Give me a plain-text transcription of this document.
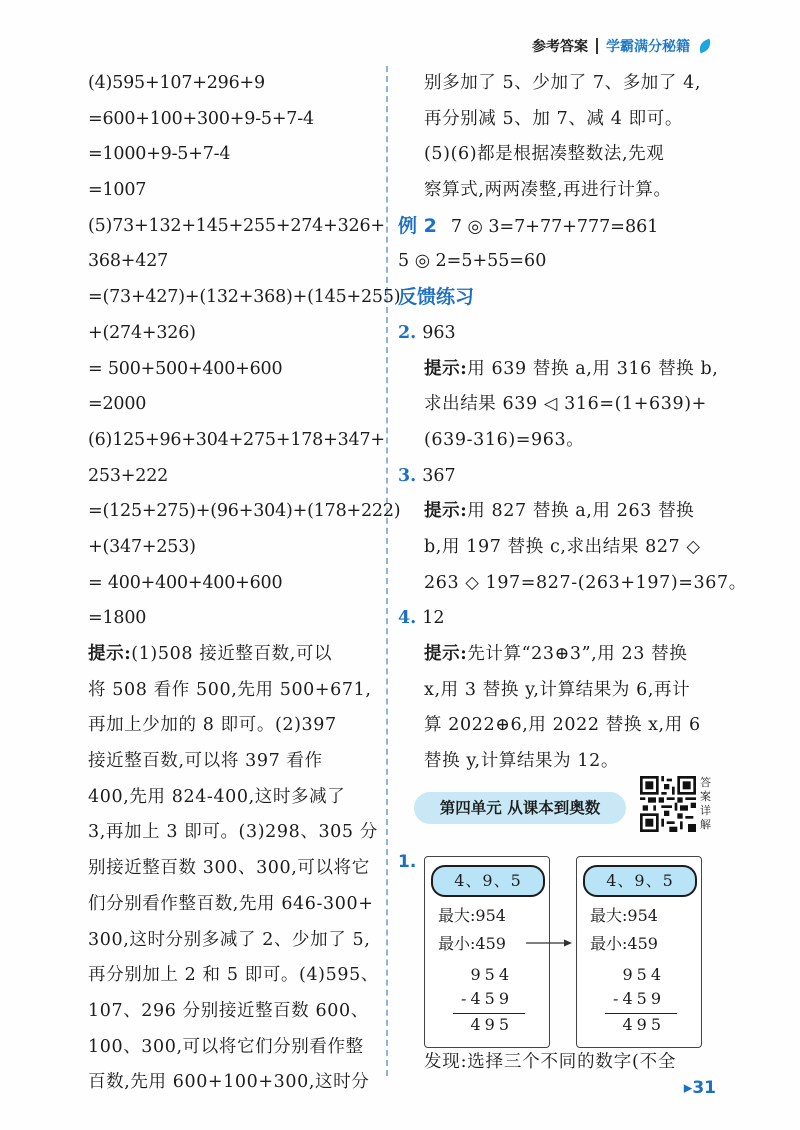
参考答案 学霸满分秘籍
(4)595+107+296+9
=600+100+300+9-5+7-4
=1000+9-5+7-4
=1007
(5)73+132+145+255+274+326+
368+427
=(73+427)+(132+368)+(145+255)
+(274+326)
= 500+500+400+600
=2000
(6)125+96+304+275+178+347+
253+222
=(125+275)+(96+304)+(178+222)
+(347+253)
= 400+400+400+600
=1800
提示:(1)508 接近整百数,可以
将 508 看作 500,先用 500+671,
再加上少加的 8 即可。(2)397
接近整百数,可以将 397 看作
400,先用 824-400,这时多减了
3,再加上 3 即可。(3)298、305 分
别接近整百数 300、300,可以将它
们分别看作整百数,先用 646-300+
300,这时分别多减了 2、少加了 5,
再分别加上 2 和 5 即可。(4)595、
107、296 分别接近整百数 600、
100、300,可以将它们分别看作整
百数,先用 600+100+300,这时分
别多加了 5、少加了 7、多加了 4,
再分别减 5、加 7、减 4 即可。
(5)(6)都是根据凑整数法,先观
察算式,两两凑整,再进行计算。
例 2 7 ◎ 3=7+77+777=861
5 ◎ 2=5+55=60
反馈练习
2. 963
提示:用 639 替换 a,用 316 替换 b,
求出结果 639 ◁ 316=(1+639)+
(639-316)=963。
3. 367
提示:用 827 替换 a,用 263 替换
b,用 197 替换 c,求出结果 827 ◇
263 ◇ 197=827-(263+197)=367。
4. 12
提示:先计算“23⊕3”,用 23 替换
x,用 3 替换 y,计算结果为 6,再计
算 2022⊕6,用 2022 替换 x,用 6
替换 y,计算结果为 12。
第四单元 从课本到奥数
答案详解
1.
4、9、5
最大:954
最小:459
954
-459
495
4、9、5
最大:954
最小:459
954
-459
495
发现:选择三个不同的数字(不全
▸31
